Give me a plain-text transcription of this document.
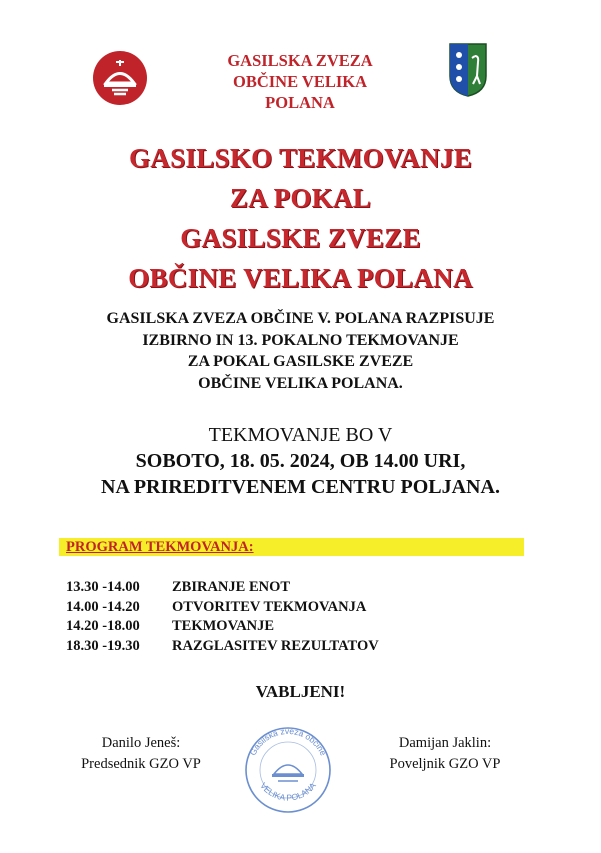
GASILSKA ZVEZA
OBČINE VELIKA
POLANA
GASILSKO TEKMOVANJE
ZA POKAL
GASILSKE ZVEZE
OBČINE VELIKA POLANA
GASILSKA ZVEZA OBČINE V. POLANA RAZPISUJE
IZBIRNO IN 13. POKALNO TEKMOVANJE
ZA POKAL GASILSKE ZVEZE
OBČINE VELIKA POLANA.
TEKMOVANJE BO V
SOBOTO, 18. 05. 2024, OB 14.00 URI,
NA PRIREDITVENEM CENTRU POLJANA.
PROGRAM TEKMOVANJA:
13.30 -14.00	ZBIRANJE ENOT
14.00 -14.20	OTVORITEV TEKMOVANJA
14.20 -18.00	TEKMOVANJE
18.30 -19.30	RAZGLASITEV REZULTATOV
VABLJENI!
Danilo Jeneš:
Predsednik GZO VP
Damijan Jaklin:
Poveljnik GZO VP
Gasilska zveza občine
VELIKA POLANA
